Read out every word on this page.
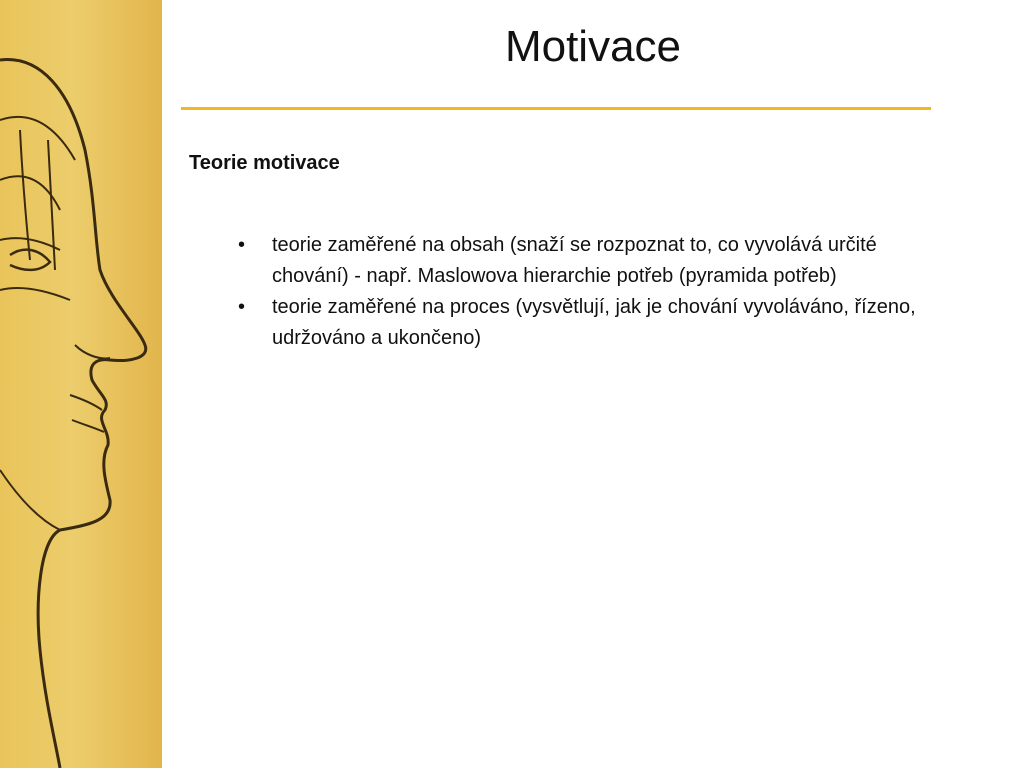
Motivace
Teorie motivace
• teorie zaměřené na obsah (snaží se rozpoznat to, co vyvolává určité chování) - např. Maslowova hierarchie potřeb (pyramida potřeb)
• teorie zaměřené na proces (vysvětlují, jak je chování vyvoláváno, řízeno, udržováno a ukončeno)
